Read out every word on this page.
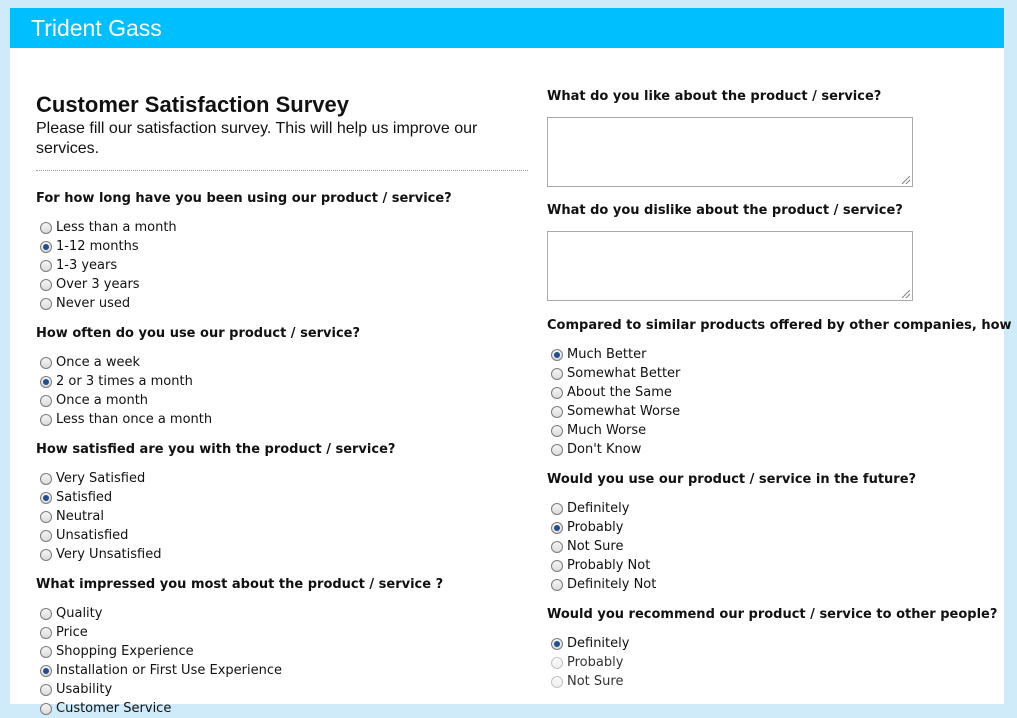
Trident Gass
Customer Satisfaction Survey
Please fill our satisfaction survey. This will help us improve our services.
For how long have you been using our product / service?
Less than a month
1-12 months
1-3 years
Over 3 years
Never used
How often do you use our product / service?
Once a week
2 or 3 times a month
Once a month
Less than once a month
How satisfied are you with the product / service?
Very Satisfied
Satisfied
Neutral
Unsatisfied
Very Unsatisfied
What impressed you most about the product / service ?
Quality
Price
Shopping Experience
Installation or First Use Experience
Usability
Customer Service
What do you like about the product / service?
What do you dislike about the product / service?
Compared to similar products offered by other companies, how
Much Better
Somewhat Better
About the Same
Somewhat Worse
Much Worse
Don't Know
Would you use our product / service in the future?
Definitely
Probably
Not Sure
Probably Not
Definitely Not
Would you recommend our product / service to other people?
Definitely
Probably
Not Sure
